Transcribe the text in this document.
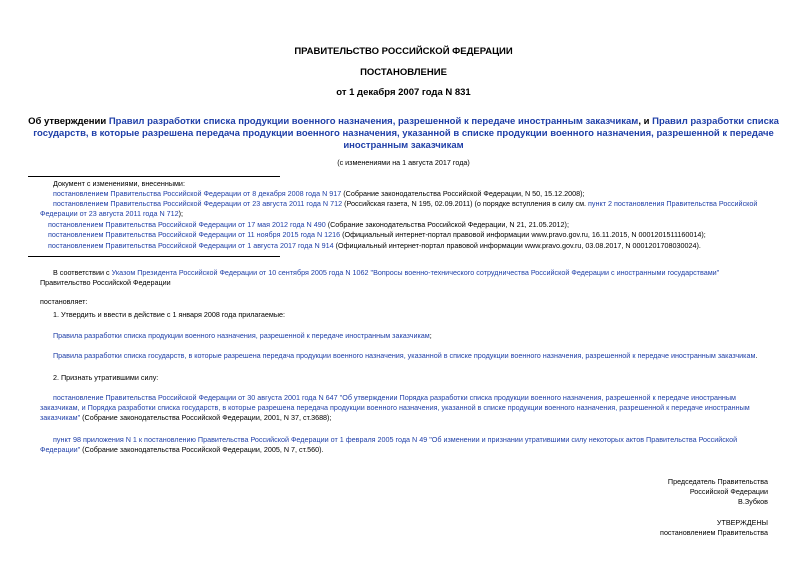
ПРАВИТЕЛЬСТВО РОССИЙСКОЙ ФЕДЕРАЦИИ
ПОСТАНОВЛЕНИЕ
от 1 декабря 2007 года N 831
Об утверждении Правил разработки списка продукции военного назначения, разрешенной к передаче иностранным заказчикам, и Правил разработки списка
государств, в которые разрешена передача продукции военного назначения, указанной в списке продукции военного назначения, разрешенной к передаче
иностранным заказчикам
(с изменениями на 1 августа 2017 года)
Документ с изменениями, внесенными:
постановлением Правительства Российской Федерации от 8 декабря 2008 года N 917 (Собрание законодательства Российской Федерации, N 50, 15.12.2008);
постановлением Правительства Российской Федерации от 23 августа 2011 года N 712 (Российская газета, N 195, 02.09.2011) (о порядке вступления в силу см. пункт 2 постановления Правительства Российской
Федерации от 23 августа 2011 года N 712);
постановлением Правительства Российской Федерации от 17 мая 2012 года N 490 (Собрание законодательства Российской Федерации, N 21, 21.05.2012);
постановлением Правительства Российской Федерации от 11 ноября 2015 года N 1216 (Официальный интернет-портал правовой информации www.pravo.gov.ru, 16.11.2015, N 0001201511160014);
постановлением Правительства Российской Федерации от 1 августа 2017 года N 914 (Официальный интернет-портал правовой информации www.pravo.gov.ru, 03.08.2017, N 0001201708030024).
В соответствии с Указом Президента Российской Федерации от 10 сентября 2005 года N 1062 "Вопросы военно-технического сотрудничества Российской Федерации с иностранными государствами"
Правительство Российской Федерации
постановляет:
1. Утвердить и ввести в действие с 1 января 2008 года прилагаемые:
Правила разработки списка продукции военного назначения, разрешенной к передаче иностранным заказчикам;
Правила разработки списка государств, в которые разрешена передача продукции военного назначения, указанной в списке продукции военного назначения, разрешенной к передаче иностранным заказчикам.
2. Признать утратившими силу:
постановление Правительства Российской Федерации от 30 августа 2001 года N 647 "Об утверждении Порядка разработки списка продукции военного назначения, разрешенной к передаче иностранным
заказчикам, и Порядка разработки списка государств, в которые разрешена передача продукции военного назначения, указанной в списке продукции военного назначения, разрешенной к передаче иностранным
заказчикам" (Собрание законодательства Российской Федерации, 2001, N 37, ст.3688);
пункт 98 приложения N 1 к постановлению Правительства Российской Федерации от 1 февраля 2005 года N 49 "Об изменении и признании утратившими силу некоторых актов Правительства Российской
Федерации" (Собрание законодательства Российской Федерации, 2005, N 7, ст.560).
Председатель Правительства
Российской Федерации
В.Зубков
УТВЕРЖДЕНЫ
постановлением Правительства
